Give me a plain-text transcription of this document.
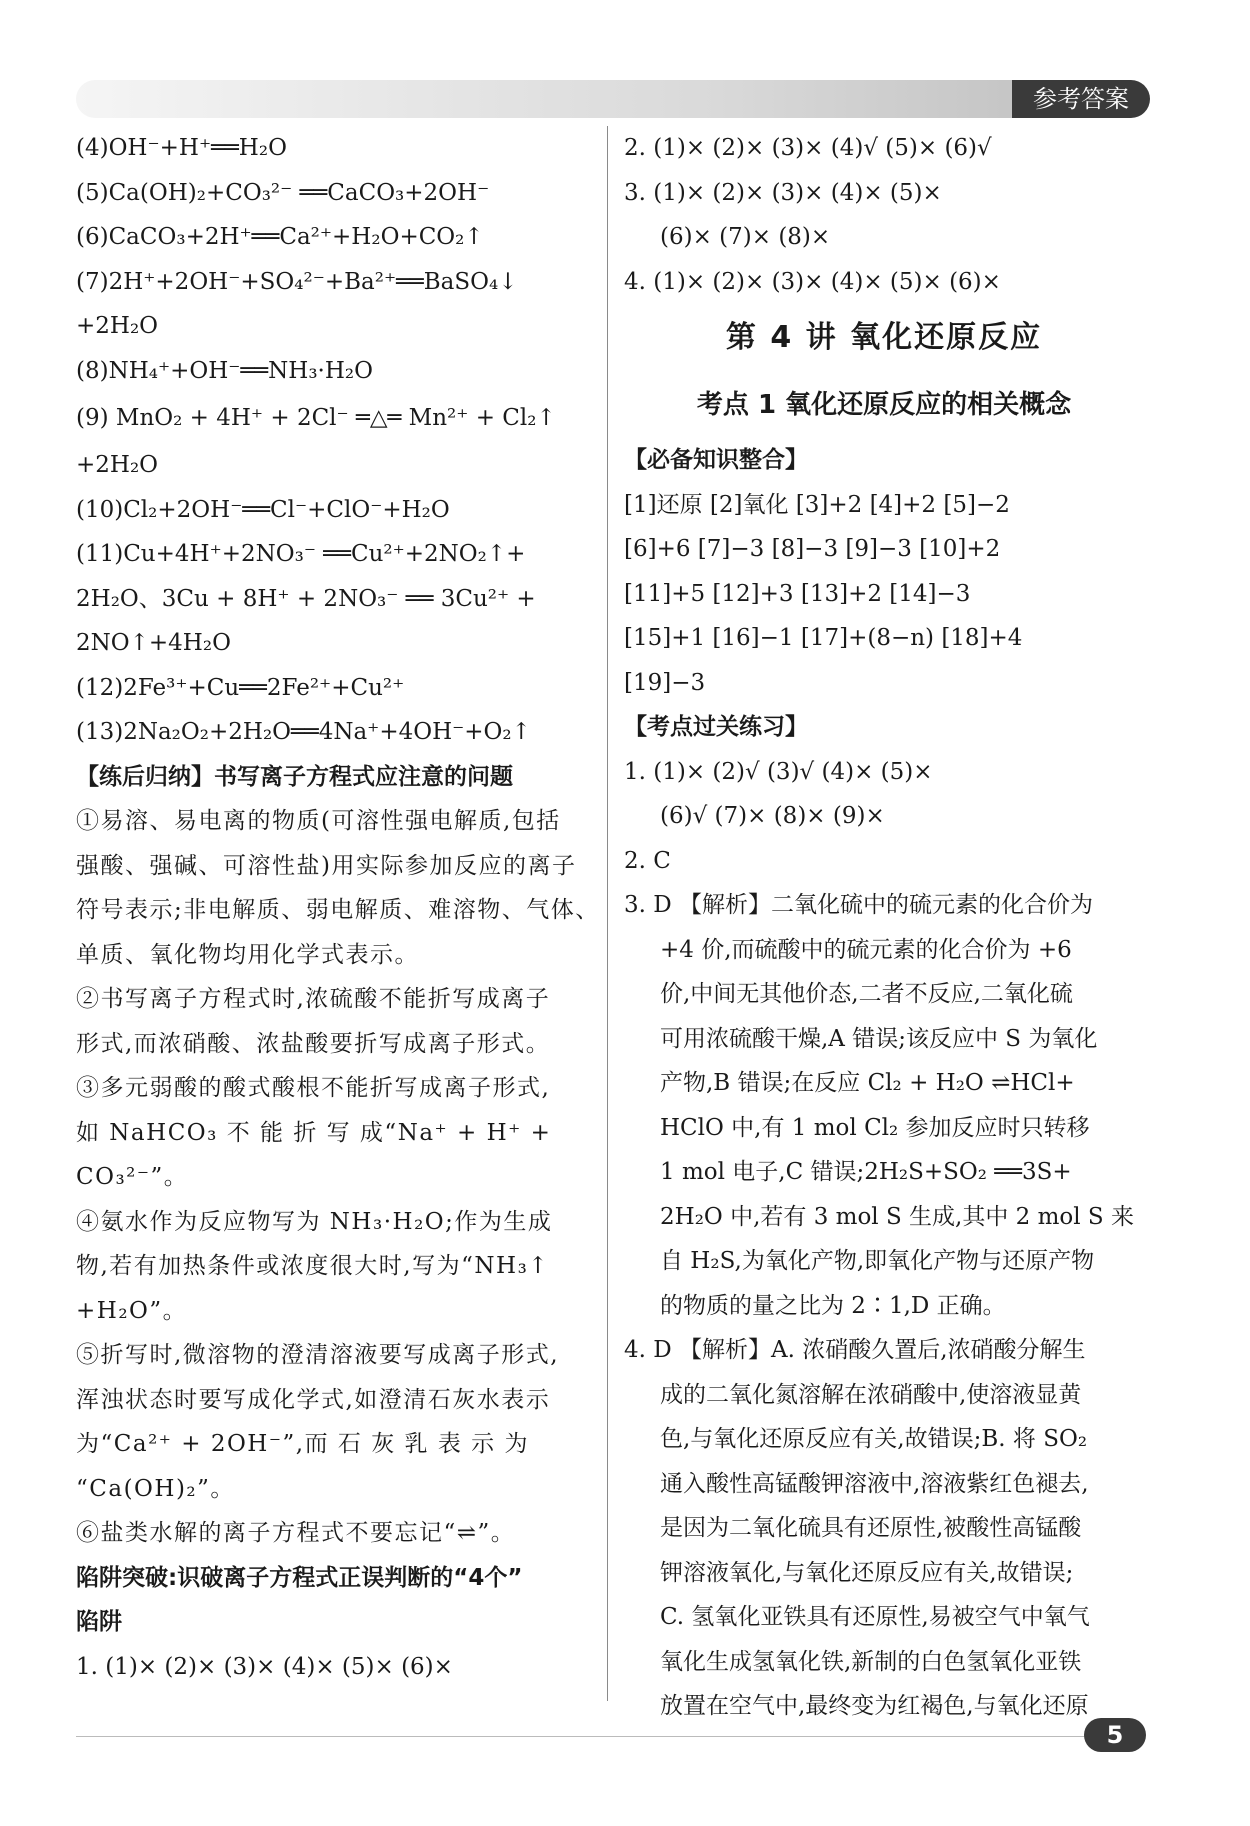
参考答案
(4)OH⁻+H⁺══H₂O
(5)Ca(OH)₂+CO₃²⁻ ══CaCO₃+2OH⁻
(6)CaCO₃+2H⁺══Ca²⁺+H₂O+CO₂↑
(7)2H⁺+2OH⁻+SO₄²⁻+Ba²⁺══BaSO₄↓
+2H₂O
(8)NH₄⁺+OH⁻══NH₃·H₂O
(9) MnO₂ + 4H⁺ + 2Cl⁻ ═△═ Mn²⁺ + Cl₂↑
+2H₂O
(10)Cl₂+2OH⁻══Cl⁻+ClO⁻+H₂O
(11)Cu+4H⁺+2NO₃⁻ ══Cu²⁺+2NO₂↑+
2H₂O、3Cu + 8H⁺ + 2NO₃⁻ ══ 3Cu²⁺ +
2NO↑+4H₂O
(12)2Fe³⁺+Cu══2Fe²⁺+Cu²⁺
(13)2Na₂O₂+2H₂O══4Na⁺+4OH⁻+O₂↑
【练后归纳】书写离子方程式应注意的问题
①易溶、易电离的物质(可溶性强电解质,包括
强酸、强碱、可溶性盐)用实际参加反应的离子
符号表示;非电解质、弱电解质、难溶物、气体、
单质、氧化物均用化学式表示。
②书写离子方程式时,浓硫酸不能折写成离子
形式,而浓硝酸、浓盐酸要折写成离子形式。
③多元弱酸的酸式酸根不能折写成离子形式,
如 NaHCO₃ 不 能 折 写 成“Na⁺ + H⁺ +
CO₃²⁻”。
④氨水作为反应物写为 NH₃·H₂O;作为生成
物,若有加热条件或浓度很大时,写为“NH₃↑
+H₂O”。
⑤折写时,微溶物的澄清溶液要写成离子形式,
浑浊状态时要写成化学式,如澄清石灰水表示
为“Ca²⁺ + 2OH⁻”,而 石 灰 乳 表 示 为
“Ca(OH)₂”。
⑥盐类水解的离子方程式不要忘记“⇌”。
陷阱突破:识破离子方程式正误判断的“4个”
陷阱
1. (1)× (2)× (3)× (4)× (5)× (6)×
2. (1)× (2)× (3)× (4)√ (5)× (6)√
3. (1)× (2)× (3)× (4)× (5)×
(6)× (7)× (8)×
4. (1)× (2)× (3)× (4)× (5)× (6)×
第 4 讲 氧化还原反应
考点 1 氧化还原反应的相关概念
【必备知识整合】
[1]还原 [2]氧化 [3]+2 [4]+2 [5]−2
[6]+6 [7]−3 [8]−3 [9]−3 [10]+2
[11]+5 [12]+3 [13]+2 [14]−3
[15]+1 [16]−1 [17]+(8−n) [18]+4
[19]−3
【考点过关练习】
1. (1)× (2)√ (3)√ (4)× (5)×
(6)√ (7)× (8)× (9)×
2. C
3. D 【解析】二氧化硫中的硫元素的化合价为
+4 价,而硫酸中的硫元素的化合价为 +6
价,中间无其他价态,二者不反应,二氧化硫
可用浓硫酸干燥,A 错误;该反应中 S 为氧化
产物,B 错误;在反应 Cl₂ + H₂O ⇌HCl+
HClO 中,有 1 mol Cl₂ 参加反应时只转移
1 mol 电子,C 错误;2H₂S+SO₂ ══3S+
2H₂O 中,若有 3 mol S 生成,其中 2 mol S 来
自 H₂S,为氧化产物,即氧化产物与还原产物
的物质的量之比为 2∶1,D 正确。
4. D 【解析】A. 浓硝酸久置后,浓硝酸分解生
成的二氧化氮溶解在浓硝酸中,使溶液显黄
色,与氧化还原反应有关,故错误;B. 将 SO₂
通入酸性高锰酸钾溶液中,溶液紫红色褪去,
是因为二氧化硫具有还原性,被酸性高锰酸
钾溶液氧化,与氧化还原反应有关,故错误;
C. 氢氧化亚铁具有还原性,易被空气中氧气
氧化生成氢氧化铁,新制的白色氢氧化亚铁
放置在空气中,最终变为红褐色,与氧化还原
5
